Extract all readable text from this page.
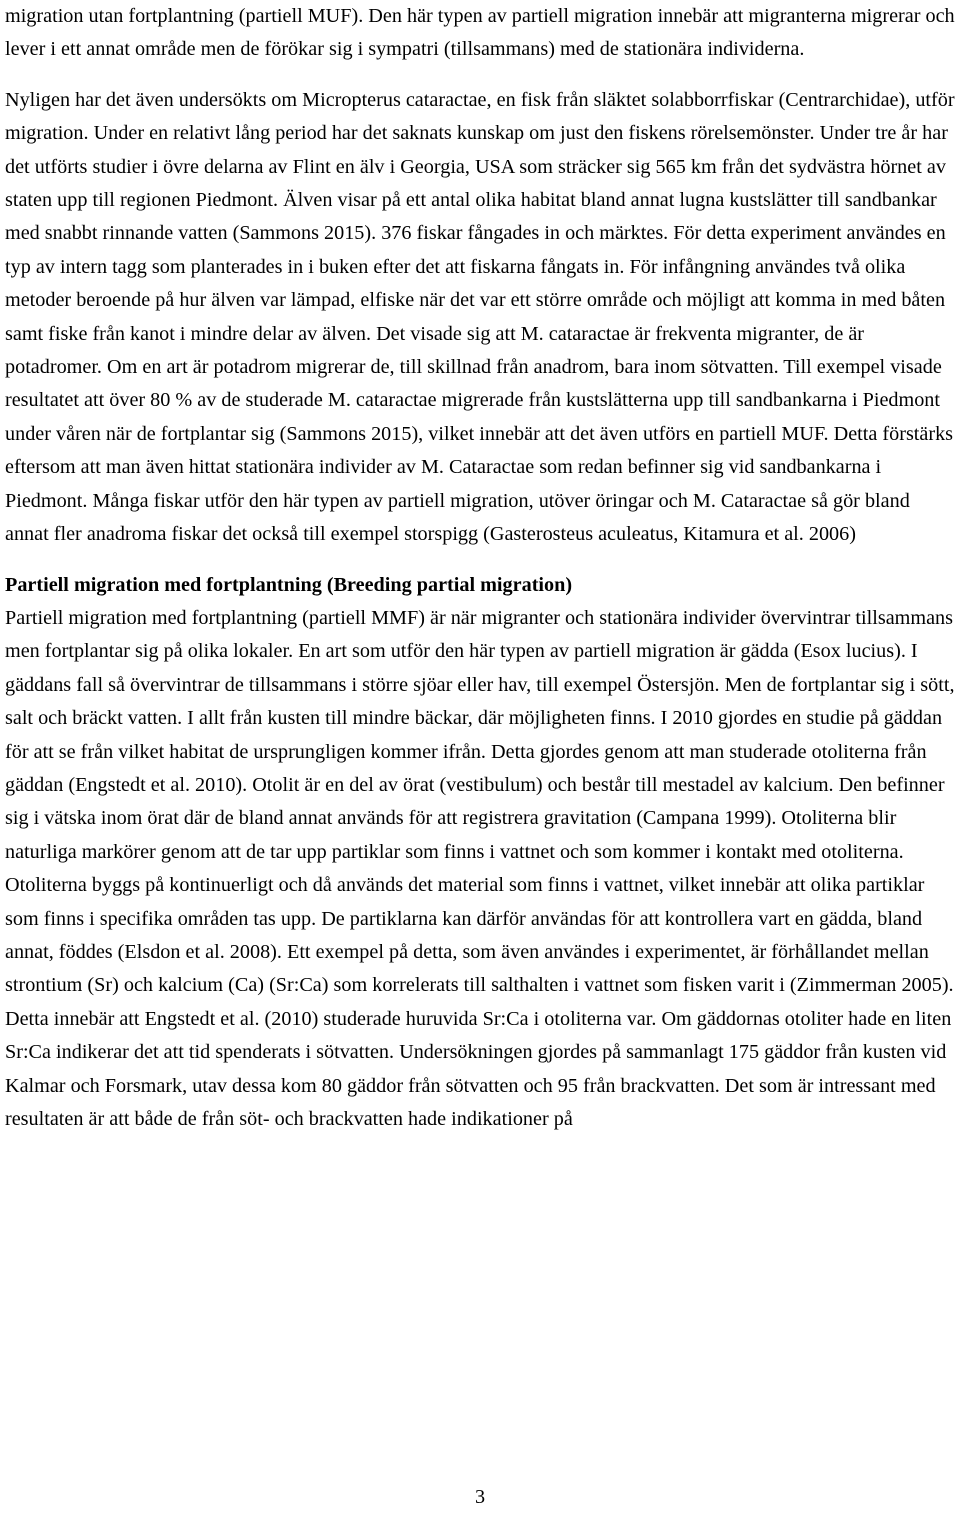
migration utan fortplantning (partiell MUF). Den här typen av partiell migration innebär att migranterna migrerar och lever i ett annat område men de förökar sig i sympatri (tillsammans) med de stationära individerna.

Nyligen har det även undersökts om Micropterus cataractae, en fisk från släktet solabborrfiskar (Centrarchidae), utför migration. Under en relativt lång period har det saknats kunskap om just den fiskens rörelsemönster. Under tre år har det utförts studier i övre delarna av Flint en älv i Georgia, USA som sträcker sig 565 km från det sydvästra hörnet av staten upp till regionen Piedmont. Älven visar på ett antal olika habitat bland annat lugna kustslätter till sandbankar med snabbt rinnande vatten (Sammons 2015). 376 fiskar fångades in och märktes. För detta experiment användes en typ av intern tagg som planterades in i buken efter det att fiskarna fångats in. För infångning användes två olika metoder beroende på hur älven var lämpad, elfiske när det var ett större område och möjligt att komma in med båten samt fiske från kanot i mindre delar av älven. Det visade sig att M. cataractae är frekventa migranter, de är potadromer. Om en art är potadrom migrerar de, till skillnad från anadrom, bara inom sötvatten. Till exempel visade resultatet att över 80 % av de studerade M. cataractae migrerade från kustslätterna upp till sandbankarna i Piedmont under våren när de fortplantar sig (Sammons 2015), vilket innebär att det även utförs en partiell MUF. Detta förstärks eftersom att man även hittat stationära individer av M. Cataractae som redan befinner sig vid sandbankarna i Piedmont. Många fiskar utför den här typen av partiell migration, utöver öringar och M. Cataractae så gör bland annat fler anadroma fiskar det också till exempel storspigg (Gasterosteus aculeatus, Kitamura et al. 2006)

Partiell migration med fortplantning (Breeding partial migration)

Partiell migration med fortplantning (partiell MMF) är när migranter och stationära individer övervintrar tillsammans men fortplantar sig på olika lokaler. En art som utför den här typen av partiell migration är gädda (Esox lucius). I gäddans fall så övervintrar de tillsammans i större sjöar eller hav, till exempel Östersjön. Men de fortplantar sig i sött, salt och bräckt vatten. I allt från kusten till mindre bäckar, där möjligheten finns. I 2010 gjordes en studie på gäddan för att se från vilket habitat de ursprungligen kommer ifrån. Detta gjordes genom att man studerade otoliterna från gäddan (Engstedt et al. 2010). Otolit är en del av örat (vestibulum) och består till mestadel av kalcium. Den befinner sig i vätska inom örat där de bland annat används för att registrera gravitation (Campana 1999). Otoliterna blir naturliga markörer genom att de tar upp partiklar som finns i vattnet och som kommer i kontakt med otoliterna. Otoliterna byggs på kontinuerligt och då används det material som finns i vattnet, vilket innebär att olika partiklar som finns i specifika områden tas upp. De partiklarna kan därför användas för att kontrollera vart en gädda, bland annat, föddes (Elsdon et al. 2008). Ett exempel på detta, som även användes i experimentet, är förhållandet mellan strontium (Sr) och kalcium (Ca) (Sr:Ca) som korrelerats till salthalten i vattnet som fisken varit i (Zimmerman 2005). Detta innebär att Engstedt et al. (2010) studerade huruvida Sr:Ca i otoliterna var. Om gäddornas otoliter hade en liten Sr:Ca indikerar det att tid spenderats i sötvatten. Undersökningen gjordes på sammanlagt 175 gäddor från kusten vid Kalmar och Forsmark, utav dessa kom 80 gäddor från sötvatten och 95 från brackvatten. Det som är intressant med resultaten är att både de från söt- och brackvatten hade indikationer på

3
